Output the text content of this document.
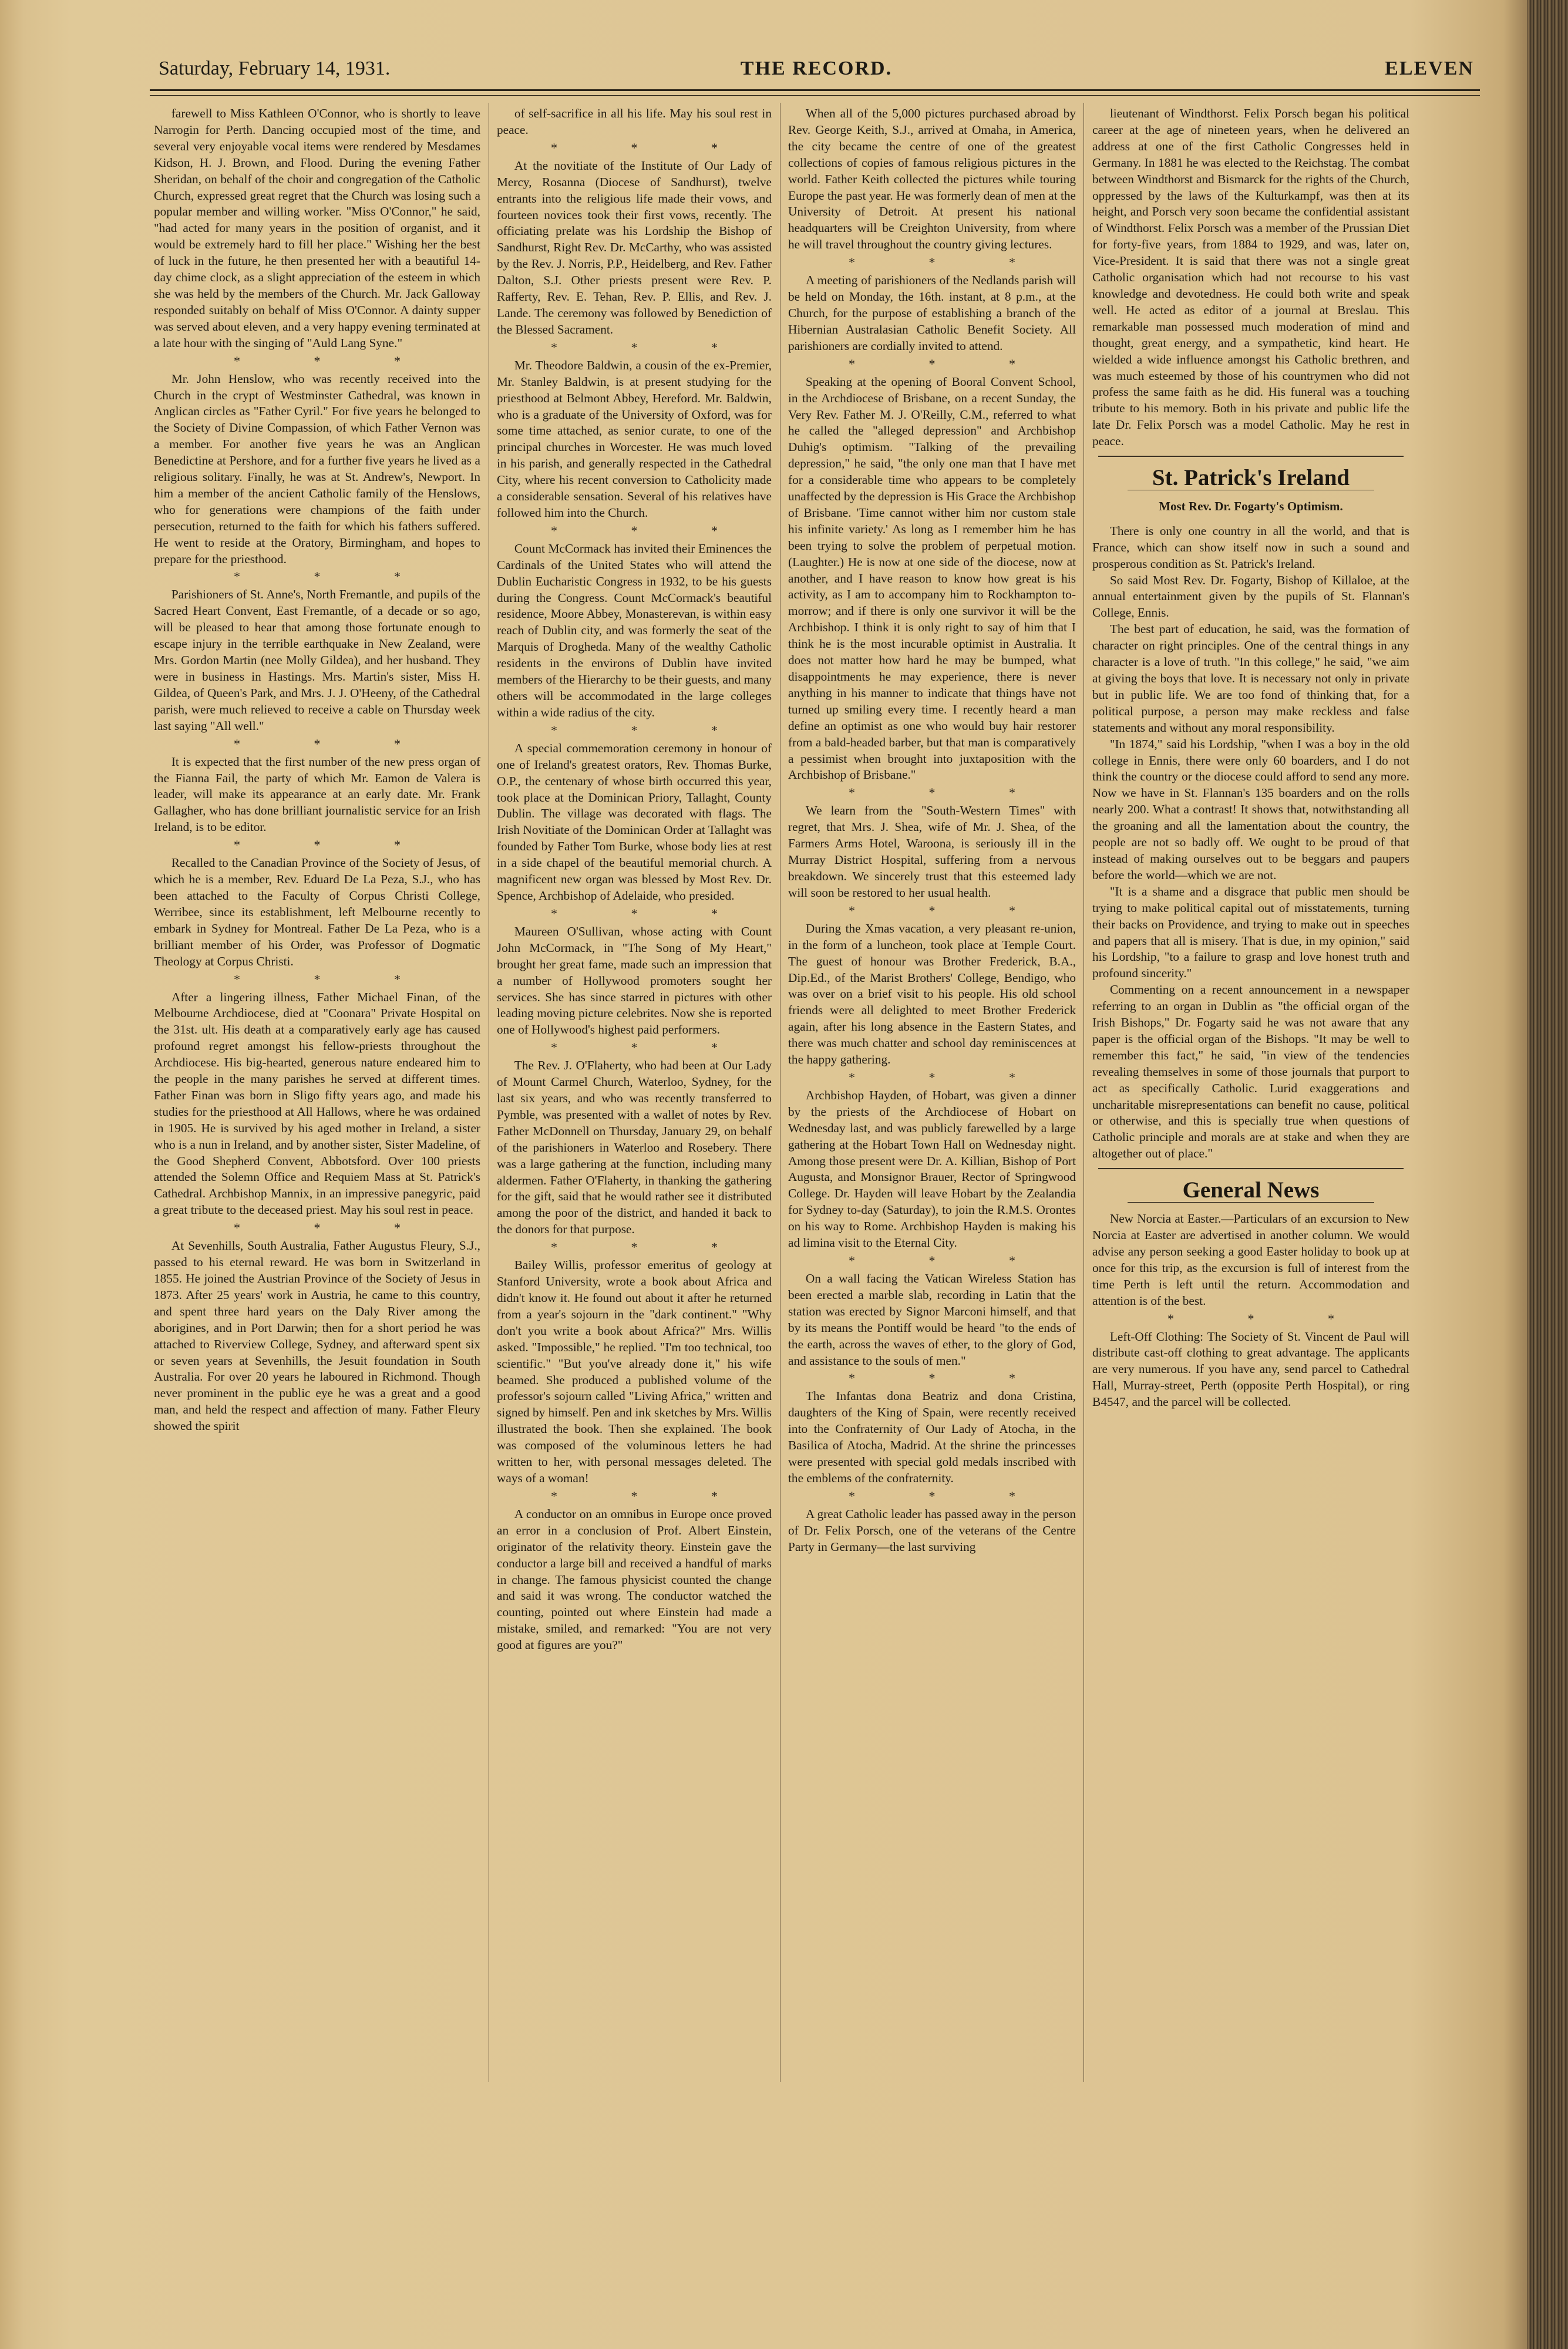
Saturday, February 14, 1931.	THE RECORD.	ELEVEN

farewell to Miss Kathleen O'Connor, who is shortly to leave Narrogin for Perth. Dancing occupied most of the time, and several very enjoyable vocal items were rendered by Mesdames Kidson, H. J. Brown, and Flood. During the evening Father Sheridan, on behalf of the choir and congregation of the Catholic Church, expressed great regret that the Church was losing such a popular member and willing worker. "Miss O'Connor," he said, "had acted for many years in the position of organist, and it would be extremely hard to fill her place." Wishing her the best of luck in the future, he then presented her with a beautiful 14-day chime clock, as a slight appreciation of the esteem in which she was held by the members of the Church. Mr. Jack Galloway responded suitably on behalf of Miss O'Connor. A dainty supper was served about eleven, and a very happy evening terminated at a late hour with the singing of "Auld Lang Syne."

* * *

Mr. John Henslow, who was recently received into the Church in the crypt of Westminster Cathedral, was known in Anglican circles as "Father Cyril." For five years he belonged to the Society of Divine Compassion, of which Father Vernon was a member. For another five years he was an Anglican Benedictine at Pershore, and for a further five years he lived as a religious solitary. Finally, he was at St. Andrew's, Newport. In him a member of the ancient Catholic family of the Henslows, who for generations were champions of the faith under persecution, returned to the faith for which his fathers suffered. He went to reside at the Oratory, Birmingham, and hopes to prepare for the priesthood.

* * *

Parishioners of St. Anne's, North Fremantle, and pupils of the Sacred Heart Convent, East Fremantle, of a decade or so ago, will be pleased to hear that among those fortunate enough to escape injury in the terrible earthquake in New Zealand, were Mrs. Gordon Martin (nee Molly Gildea), and her husband. They were in business in Hastings. Mrs. Martin's sister, Miss H. Gildea, of Queen's Park, and Mrs. J. J. O'Heeny, of the Cathedral parish, were much relieved to receive a cable on Thursday week last saying "All well."

* * *

It is expected that the first number of the new press organ of the Fianna Fail, the party of which Mr. Eamon de Valera is leader, will make its appearance at an early date. Mr. Frank Gallagher, who has done brilliant journalistic service for an Irish Ireland, is to be editor.

* * *

Recalled to the Canadian Province of the Society of Jesus, of which he is a member, Rev. Eduard De La Peza, S.J., who has been attached to the Faculty of Corpus Christi College, Werribee, since its establishment, left Melbourne recently to embark in Sydney for Montreal. Father De La Peza, who is a brilliant member of his Order, was Professor of Dogmatic Theology at Corpus Christi.

* * *

After a lingering illness, Father Michael Finan, of the Melbourne Archdiocese, died at "Coonara" Private Hospital on the 31st. ult. His death at a comparatively early age has caused profound regret amongst his fellow-priests throughout the Archdiocese. His big-hearted, generous nature endeared him to the people in the many parishes he served at different times. Father Finan was born in Sligo fifty years ago, and made his studies for the priesthood at All Hallows, where he was ordained in 1905. He is survived by his aged mother in Ireland, a sister who is a nun in Ireland, and by another sister, Sister Madeline, of the Good Shepherd Convent, Abbotsford. Over 100 priests attended the Solemn Office and Requiem Mass at St. Patrick's Cathedral. Archbishop Mannix, in an impressive panegyric, paid a great tribute to the deceased priest. May his soul rest in peace.

* * *

At Sevenhills, South Australia, Father Augustus Fleury, S.J., passed to his eternal reward. He was born in Switzerland in 1855. He joined the Austrian Province of the Society of Jesus in 1873. After 25 years' work in Austria, he came to this country, and spent three hard years on the Daly River among the aborigines, and in Port Darwin; then for a short period he was attached to Riverview College, Sydney, and afterward spent six or seven years at Sevenhills, the Jesuit foundation in South Australia. For over 20 years he laboured in Richmond. Though never prominent in the public eye he was a great and a good man, and held the respect and affection of many. Father Fleury showed the spirit

of self-sacrifice in all his life. May his soul rest in peace.

* * *

At the novitiate of the Institute of Our Lady of Mercy, Rosanna (Diocese of Sandhurst), twelve entrants into the religious life made their vows, and fourteen novices took their first vows, recently. The officiating prelate was his Lordship the Bishop of Sandhurst, Right Rev. Dr. McCarthy, who was assisted by the Rev. J. Norris, P.P., Heidelberg, and Rev. Father Dalton, S.J. Other priests present were Rev. P. Rafferty, Rev. E. Tehan, Rev. P. Ellis, and Rev. J. Lande. The ceremony was followed by Benediction of the Blessed Sacrament.

* * *

Mr. Theodore Baldwin, a cousin of the ex-Premier, Mr. Stanley Baldwin, is at present studying for the priesthood at Belmont Abbey, Hereford. Mr. Baldwin, who is a graduate of the University of Oxford, was for some time attached, as senior curate, to one of the principal churches in Worcester. He was much loved in his parish, and generally respected in the Cathedral City, where his recent conversion to Catholicity made a considerable sensation. Several of his relatives have followed him into the Church.

* * *

Count McCormack has invited their Eminences the Cardinals of the United States who will attend the Dublin Eucharistic Congress in 1932, to be his guests during the Congress. Count McCormack's beautiful residence, Moore Abbey, Monasterevan, is within easy reach of Dublin city, and was formerly the seat of the Marquis of Drogheda. Many of the wealthy Catholic residents in the environs of Dublin have invited members of the Hierarchy to be their guests, and many others will be accommodated in the large colleges within a wide radius of the city.

* * *

A special commemoration ceremony in honour of one of Ireland's greatest orators, Rev. Thomas Burke, O.P., the centenary of whose birth occurred this year, took place at the Dominican Priory, Tallaght, County Dublin. The village was decorated with flags. The Irish Novitiate of the Dominican Order at Tallaght was founded by Father Tom Burke, whose body lies at rest in a side chapel of the beautiful memorial church. A magnificent new organ was blessed by Most Rev. Dr. Spence, Archbishop of Adelaide, who presided.

* * *

Maureen O'Sullivan, whose acting with Count John McCormack, in "The Song of My Heart," brought her great fame, made such an impression that a number of Hollywood promoters sought her services. She has since starred in pictures with other leading moving picture celebrites. Now she is reported one of Hollywood's highest paid performers.

* * *

The Rev. J. O'Flaherty, who had been at Our Lady of Mount Carmel Church, Waterloo, Sydney, for the last six years, and who was recently transferred to Pymble, was presented with a wallet of notes by Rev. Father McDonnell on Thursday, January 29, on behalf of the parishioners in Waterloo and Rosebery. There was a large gathering at the function, including many aldermen. Father O'Flaherty, in thanking the gathering for the gift, said that he would rather see it distributed among the poor of the district, and handed it back to the donors for that purpose.

* * *

Bailey Willis, professor emeritus of geology at Stanford University, wrote a book about Africa and didn't know it. He found out about it after he returned from a year's sojourn in the "dark continent." "Why don't you write a book about Africa?" Mrs. Willis asked. "Impossible," he replied. "I'm too technical, too scientific." "But you've already done it," his wife beamed. She produced a published volume of the professor's sojourn called "Living Africa," written and signed by himself. Pen and ink sketches by Mrs. Willis illustrated the book. Then she explained. The book was composed of the voluminous letters he had written to her, with personal messages deleted. The ways of a woman!

* * *

A conductor on an omnibus in Europe once proved an error in a conclusion of Prof. Albert Einstein, originator of the relativity theory. Einstein gave the conductor a large bill and received a handful of marks in change. The famous physicist counted the change and said it was wrong. The conductor watched the counting, pointed out where Einstein had made a mistake, smiled, and remarked: "You are not very good at figures are you?"

When all of the 5,000 pictures purchased abroad by Rev. George Keith, S.J., arrived at Omaha, in America, the city became the centre of one of the greatest collections of copies of famous religious pictures in the world. Father Keith collected the pictures while touring Europe the past year. He was formerly dean of men at the University of Detroit. At present his national headquarters will be Creighton University, from where he will travel throughout the country giving lectures.

* * *

A meeting of parishioners of the Nedlands parish will be held on Monday, the 16th. instant, at 8 p.m., at the Church, for the purpose of establishing a branch of the Hibernian Australasian Catholic Benefit Society. All parishioners are cordially invited to attend.

* * *

Speaking at the opening of Booral Convent School, in the Archdiocese of Brisbane, on a recent Sunday, the Very Rev. Father M. J. O'Reilly, C.M., referred to what he called the "alleged depression" and Archbishop Duhig's optimism. "Talking of the prevailing depression," he said, "the only one man that I have met for a considerable time who appears to be completely unaffected by the depression is His Grace the Archbishop of Brisbane. 'Time cannot wither him nor custom stale his infinite variety.' As long as I remember him he has been trying to solve the problem of perpetual motion. (Laughter.) He is now at one side of the diocese, now at another, and I have reason to know how great is his activity, as I am to accompany him to Rockhampton to-morrow; and if there is only one survivor it will be the Archbishop. I think it is only right to say of him that I think he is the most incurable optimist in Australia. It does not matter how hard he may be bumped, what disappointments he may experience, there is never anything in his manner to indicate that things have not turned up smiling every time. I recently heard a man define an optimist as one who would buy hair restorer from a bald-headed barber, but that man is comparatively a pessimist when brought into juxtaposition with the Archbishop of Brisbane."

* * *

We learn from the "South-Western Times" with regret, that Mrs. J. Shea, wife of Mr. J. Shea, of the Farmers Arms Hotel, Waroona, is seriously ill in the Murray District Hospital, suffering from a nervous breakdown. We sincerely trust that this esteemed lady will soon be restored to her usual health.

* * *

During the Xmas vacation, a very pleasant re-union, in the form of a luncheon, took place at Temple Court. The guest of honour was Brother Frederick, B.A., Dip.Ed., of the Marist Brothers' College, Bendigo, who was over on a brief visit to his people. His old school friends were all delighted to meet Brother Frederick again, after his long absence in the Eastern States, and there was much chatter and school day reminiscences at the happy gathering.

* * *

Archbishop Hayden, of Hobart, was given a dinner by the priests of the Archdiocese of Hobart on Wednesday last, and was publicly farewelled by a large gathering at the Hobart Town Hall on Wednesday night. Among those present were Dr. A. Killian, Bishop of Port Augusta, and Monsignor Brauer, Rector of Springwood College. Dr. Hayden will leave Hobart by the Zealandia for Sydney to-day (Saturday), to join the R.M.S. Orontes on his way to Rome. Archbishop Hayden is making his ad limina visit to the Eternal City.

* * *

On a wall facing the Vatican Wireless Station has been erected a marble slab, recording in Latin that the station was erected by Signor Marconi himself, and that by its means the Pontiff would be heard "to the ends of the earth, across the waves of ether, to the glory of God, and assistance to the souls of men."

* * *

The Infantas dona Beatriz and dona Cristina, daughters of the King of Spain, were recently received into the Confraternity of Our Lady of Atocha, in the Basilica of Atocha, Madrid. At the shrine the princesses were presented with special gold medals inscribed with the emblems of the confraternity.

* * *

A great Catholic leader has passed away in the person of Dr. Felix Porsch, one of the veterans of the Centre Party in Germany—the last surviving

lieutenant of Windthorst. Felix Porsch began his political career at the age of nineteen years, when he delivered an address at one of the first Catholic Congresses held in Germany. In 1881 he was elected to the Reichstag. The combat between Windthorst and Bismarck for the rights of the Church, oppressed by the laws of the Kulturkampf, was then at its height, and Porsch very soon became the confidential assistant of Windthorst. Felix Porsch was a member of the Prussian Diet for forty-five years, from 1884 to 1929, and was, later on, Vice-President. It is said that there was not a single great Catholic organisation which had not recourse to his vast knowledge and devotedness. He could both write and speak well. He acted as editor of a journal at Breslau. This remarkable man possessed much moderation of mind and thought, great energy, and a sympathetic, kind heart. He wielded a wide influence amongst his Catholic brethren, and was much esteemed by those of his countrymen who did not profess the same faith as he did. His funeral was a touching tribute to his memory. Both in his private and public life the late Dr. Felix Porsch was a model Catholic. May he rest in peace.

St. Patrick's Ireland
Most Rev. Dr. Fogarty's Optimism.

There is only one country in all the world, and that is France, which can show itself now in such a sound and prosperous condition as St. Patrick's Ireland.

So said Most Rev. Dr. Fogarty, Bishop of Killaloe, at the annual entertainment given by the pupils of St. Flannan's College, Ennis.

The best part of education, he said, was the formation of character on right principles. One of the central things in any character is a love of truth. "In this college," he said, "we aim at giving the boys that love. It is necessary not only in private but in public life. We are too fond of thinking that, for a political purpose, a person may make reckless and false statements and without any moral responsibility.

"In 1874," said his Lordship, "when I was a boy in the old college in Ennis, there were only 60 boarders, and I do not think the country or the diocese could afford to send any more. Now we have in St. Flannan's 135 boarders and on the rolls nearly 200. What a contrast! It shows that, notwithstanding all the groaning and all the lamentation about the country, the people are not so badly off. We ought to be proud of that instead of making ourselves out to be beggars and paupers before the world—which we are not.

"It is a shame and a disgrace that public men should be trying to make political capital out of misstatements, turning their backs on Providence, and trying to make out in speeches and papers that all is misery. That is due, in my opinion," said his Lordship, "to a failure to grasp and love honest truth and profound sincerity."

Commenting on a recent announcement in a newspaper referring to an organ in Dublin as "the official organ of the Irish Bishops," Dr. Fogarty said he was not aware that any paper is the official organ of the Bishops. "It may be well to remember this fact," he said, "in view of the tendencies revealing themselves in some of those journals that purport to act as specifically Catholic. Lurid exaggerations and uncharitable misrepresentations can benefit no cause, political or otherwise, and this is specially true when questions of Catholic principle and morals are at stake and when they are altogether out of place."

General News

New Norcia at Easter.—Particulars of an excursion to New Norcia at Easter are advertised in another column. We would advise any person seeking a good Easter holiday to book up at once for this trip, as the excursion is full of interest from the time Perth is left until the return. Accommodation and attention is of the best.

* * *

Left-Off Clothing: The Society of St. Vincent de Paul will distribute cast-off clothing to great advantage. The applicants are very numerous. If you have any, send parcel to Cathedral Hall, Murray-street, Perth (opposite Perth Hospital), or ring B4547, and the parcel will be collected.
